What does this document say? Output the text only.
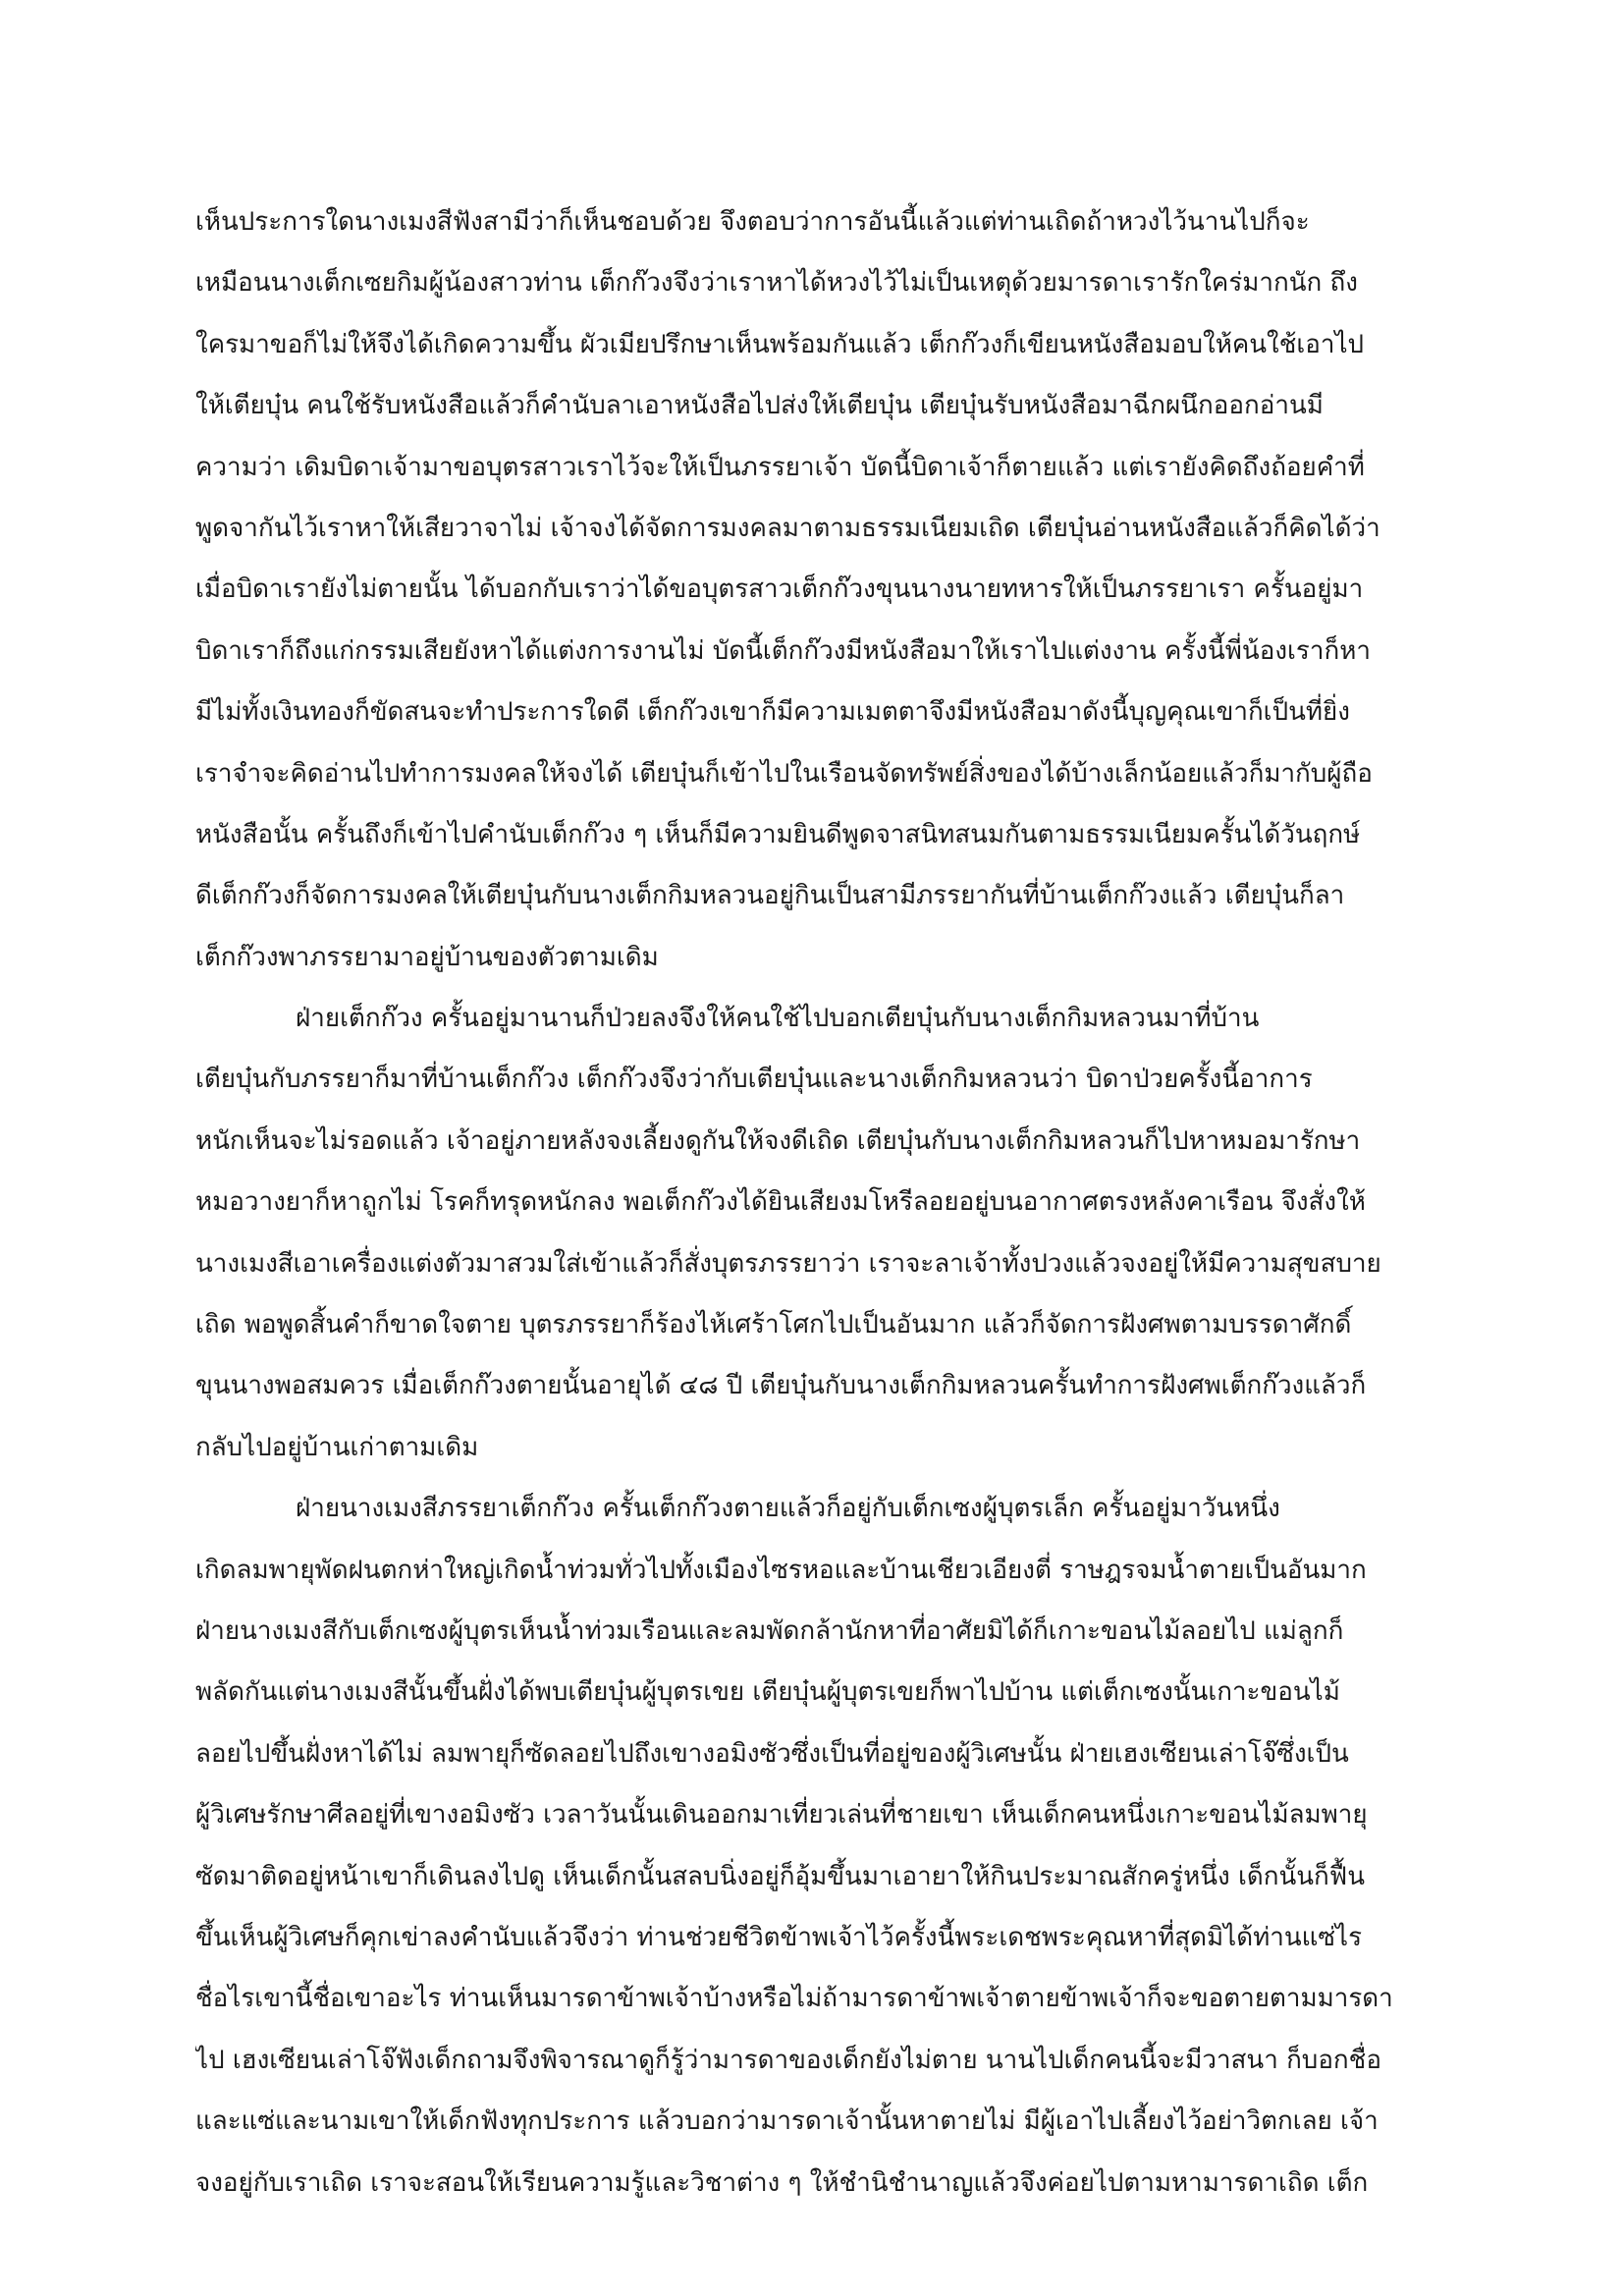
เห็นประการใดนางเมงสีฟังสามีว่าก็เห็นชอบด้วย จึงตอบว่าการอันนี้แล้วแต่ท่านเถิดถ้าหวงไว้นานไปก็จะ
เหมือนนางเต็กเซยกิมผู้น้องสาวท่าน เต็กก๊วงจึงว่าเราหาได้หวงไว้ไม่เป็นเหตุด้วยมารดาเรารักใคร่มากนัก ถึง
ใครมาขอก็ไม่ให้จึงได้เกิดความขึ้น ผัวเมียปรึกษาเห็นพร้อมกันแล้ว เต็กก๊วงก็เขียนหนังสือมอบให้คนใช้เอาไป
ให้เตียบุ๋น คนใช้รับหนังสือแล้วก็คำนับลาเอาหนังสือไปส่งให้เตียบุ๋น เตียบุ๋นรับหนังสือมาฉีกผนึกออกอ่านมี
ความว่า เดิมบิดาเจ้ามาขอบุตรสาวเราไว้จะให้เป็นภรรยาเจ้า บัดนี้บิดาเจ้าก็ตายแล้ว แต่เรายังคิดถึงถ้อยคำที่
พูดจากันไว้เราหาให้เสียวาจาไม่ เจ้าจงได้จัดการมงคลมาตามธรรมเนียมเถิด เตียบุ๋นอ่านหนังสือแล้วก็คิดได้ว่า
เมื่อบิดาเรายังไม่ตายนั้น ได้บอกกับเราว่าได้ขอบุตรสาวเต็กก๊วงขุนนางนายทหารให้เป็นภรรยาเรา ครั้นอยู่มา
บิดาเราก็ถึงแก่กรรมเสียยังหาได้แต่งการงานไม่ บัดนี้เต็กก๊วงมีหนังสือมาให้เราไปแต่งงาน ครั้งนี้พี่น้องเราก็หา
มีไม่ทั้งเงินทองก็ขัดสนจะทำประการใดดี เต็กก๊วงเขาก็มีความเมตตาจึงมีหนังสือมาดังนี้บุญคุณเขาก็เป็นที่ยิ่ง
เราจำจะคิดอ่านไปทำการมงคลให้จงได้ เตียบุ๋นก็เข้าไปในเรือนจัดทรัพย์สิ่งของได้บ้างเล็กน้อยแล้วก็มากับผู้ถือ
หนังสือนั้น ครั้นถึงก็เข้าไปคำนับเต็กก๊วง ๆ เห็นก็มีความยินดีพูดจาสนิทสนมกันตามธรรมเนียมครั้นได้วันฤกษ์
ดีเต็กก๊วงก็จัดการมงคลให้เตียบุ๋นกับนางเต็กกิมหลวนอยู่กินเป็นสามีภรรยากันที่บ้านเต็กก๊วงแล้ว เตียบุ๋นก็ลา
เต็กก๊วงพาภรรยามาอยู่บ้านของตัวตามเดิม
ฝ่ายเต็กก๊วง ครั้นอยู่มานานก็ป่วยลงจึงให้คนใช้ไปบอกเตียบุ๋นกับนางเต็กกิมหลวนมาที่บ้าน
เตียบุ๋นกับภรรยาก็มาที่บ้านเต็กก๊วง เต็กก๊วงจึงว่ากับเตียบุ๋นและนางเต็กกิมหลวนว่า บิดาป่วยครั้งนี้อาการ
หนักเห็นจะไม่รอดแล้ว เจ้าอยู่ภายหลังจงเลี้ยงดูกันให้จงดีเถิด เตียบุ๋นกับนางเต็กกิมหลวนก็ไปหาหมอมารักษา
หมอวางยาก็หาถูกไม่ โรคก็ทรุดหนักลง พอเต็กก๊วงได้ยินเสียงมโหรีลอยอยู่บนอากาศตรงหลังคาเรือน จึงสั่งให้
นางเมงสีเอาเครื่องแต่งตัวมาสวมใส่เข้าแล้วก็สั่งบุตรภรรยาว่า เราจะลาเจ้าทั้งปวงแล้วจงอยู่ให้มีความสุขสบาย
เถิด พอพูดสิ้นคำก็ขาดใจตาย บุตรภรรยาก็ร้องไห้เศร้าโศกไปเป็นอันมาก แล้วก็จัดการฝังศพตามบรรดาศักดิ์
ขุนนางพอสมควร เมื่อเต็กก๊วงตายนั้นอายุได้ ๔๘ ปี เตียบุ๋นกับนางเต็กกิมหลวนครั้นทำการฝังศพเต็กก๊วงแล้วก็
กลับไปอยู่บ้านเก่าตามเดิม
ฝ่ายนางเมงสีภรรยาเต็กก๊วง ครั้นเต็กก๊วงตายแล้วก็อยู่กับเต็กเซงผู้บุตรเล็ก ครั้นอยู่มาวันหนึ่ง
เกิดลมพายุพัดฝนตกห่าใหญ่เกิดน้ำท่วมทั่วไปทั้งเมืองไซรหอและบ้านเชียวเอียงตี่ ราษฎรจมน้ำตายเป็นอันมาก
ฝ่ายนางเมงสีกับเต็กเซงผู้บุตรเห็นน้ำท่วมเรือนและลมพัดกล้านักหาที่อาศัยมิได้ก็เกาะขอนไม้ลอยไป แม่ลูกก็
พลัดกันแต่นางเมงสีนั้นขึ้นฝั่งได้พบเตียบุ๋นผู้บุตรเขย เตียบุ๋นผู้บุตรเขยก็พาไปบ้าน แต่เต็กเซงนั้นเกาะขอนไม้
ลอยไปขึ้นฝั่งหาได้ไม่ ลมพายุก็ซัดลอยไปถึงเขางอมิงซัวซึ่งเป็นที่อยู่ของผู้วิเศษนั้น ฝ่ายเฮงเซียนเล่าโจ๊ซึ่งเป็น
ผู้วิเศษรักษาศีลอยู่ที่เขางอมิงซัว เวลาวันนั้นเดินออกมาเที่ยวเล่นที่ชายเขา เห็นเด็กคนหนึ่งเกาะขอนไม้ลมพายุ
ซัดมาติดอยู่หน้าเขาก็เดินลงไปดู เห็นเด็กนั้นสลบนิ่งอยู่ก็อุ้มขึ้นมาเอายาให้กินประมาณสักครู่หนึ่ง เด็กนั้นก็ฟื้น
ขึ้นเห็นผู้วิเศษก็คุกเข่าลงคำนับแล้วจึงว่า ท่านช่วยชีวิตข้าพเจ้าไว้ครั้งนี้พระเดชพระคุณหาที่สุดมิได้ท่านแซ่ไร
ชื่อไรเขานี้ชื่อเขาอะไร ท่านเห็นมารดาข้าพเจ้าบ้างหรือไม่ถ้ามารดาข้าพเจ้าตายข้าพเจ้าก็จะขอตายตามมารดา
ไป เฮงเซียนเล่าโจ๊ฟังเด็กถามจึงพิจารณาดูก็รู้ว่ามารดาของเด็กยังไม่ตาย นานไปเด็กคนนี้จะมีวาสนา ก็บอกชื่อ
และแซ่และนามเขาให้เด็กฟังทุกประการ แล้วบอกว่ามารดาเจ้านั้นหาตายไม่ มีผู้เอาไปเลี้ยงไว้อย่าวิตกเลย เจ้า
จงอยู่กับเราเถิด เราจะสอนให้เรียนความรู้และวิชาต่าง ๆ ให้ชำนิชำนาญแล้วจึงค่อยไปตามหามารดาเถิด เต็ก
